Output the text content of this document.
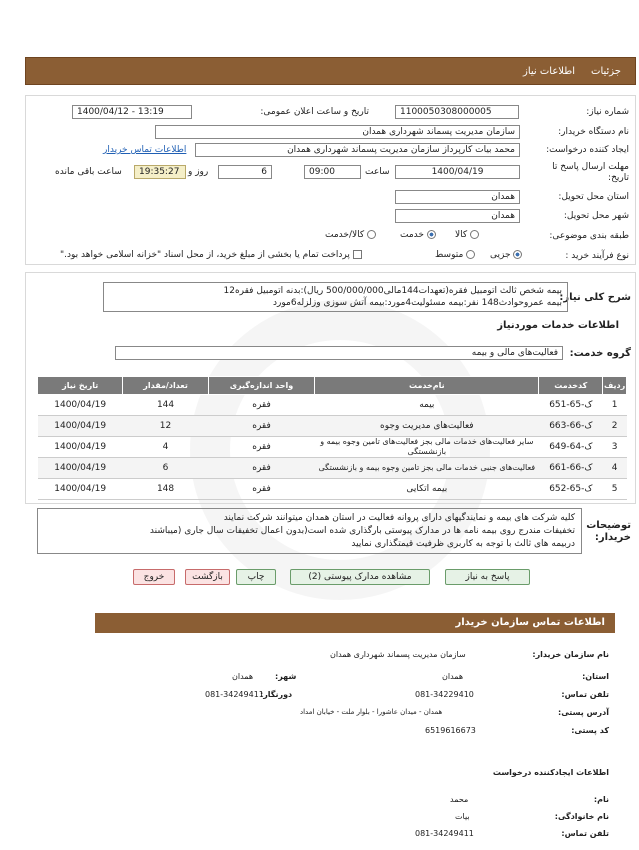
جزئیات
اطلاعات نیاز
شماره نیاز:
1100050308000005
تاریخ و ساعت اعلان عمومی:
1400/04/12 - 13:19
نام دستگاه خریدار:
سازمان مدیریت پسماند شهرداری همدان
ایجاد کننده درخواست:
محمد بیات کارپرداز سازمان مدیریت پسماند شهرداری همدان
اطلاعات تماس خریدار
مهلت ارسال پاسخ تا تاریخ:
1400/04/19
ساعت
09:00
6
روز و
19:35:27
ساعت باقی مانده
استان محل تحویل:
همدان
شهر محل تحویل:
همدان
طبقه بندی موضوعی:
کالا
خدمت
کالا/خدمت
نوع فرآیند خرید :
جزیی
متوسط
پرداخت تمام یا بخشی از مبلغ خرید، از محل اسناد "خزانه اسلامی خواهد بود."
شرح کلی نیاز:
بیمه شخص ثالث اتومبیل فقره(تعهدات144مالی500/000/000 ریال):بدنه اتومبیل فقره12
بیمه عمروحوادث148 نفر:بیمه مسئولیت4مورد:بیمه آتش سوزی وزلزله6مورد
اطلاعات خدمات موردنیاز
گروه خدمت:
فعالیت‌های مالی و بیمه
ردیف	کدخدمت	نام‌خدمت	واحد اندازه‌گیری	تعداد/مقدار	تاریخ نیاز
1	ک-65-651	بیمه	فقره	144	1400/04/19
2	ک-66-663	فعالیت‌های مدیریت وجوه	فقره	12	1400/04/19
3	ک-64-649	سایر فعالیت‌های خدمات مالی بجز فعالیت‌های تامین وجوه بیمه و بازنشستگی	فقره	4	1400/04/19
4	ک-66-661	فعالیت‌های جنبی خدمات مالی بجز تامین وجوه بیمه و بازنشستگی	فقره	6	1400/04/19
5	ک-65-652	بیمه اتکایی	فقره	148	1400/04/19
توضیحات خریدار:
کلیه شرکت های بیمه و نمایندگیهای دارای پروانه فعالیت در استان همدان میتوانند شرکت نمایند
تخفیفات مندرج روی بیمه نامه ها در مدارک پیوستی بارگذاری شده است(بدون اعمال تخفیفات سال جاری (میباشند
دربیمه های ثالث با توجه به کاربری ظرفیت قیمتگذاری نمایید
پاسخ به نیاز
مشاهده مدارک پیوستی (2)
چاپ
بازگشت
خروج
اطلاعات تماس سازمان خریدار
نام سازمان خریدار:
سازمان مدیریت پسماند شهرداری همدان
استان:
همدان
شهر:
همدان
تلفن تماس:
081-34229410
دورنگار:
081-34249411
آدرس پستی:
همدان - میدان عاشورا - بلوار ملت - خیابان امداد
کد پستی:
6519616673
اطلاعات ایجادکننده درخواست
نام:
محمد
نام خانوادگی:
بیات
تلفن تماس:
081-34249411
